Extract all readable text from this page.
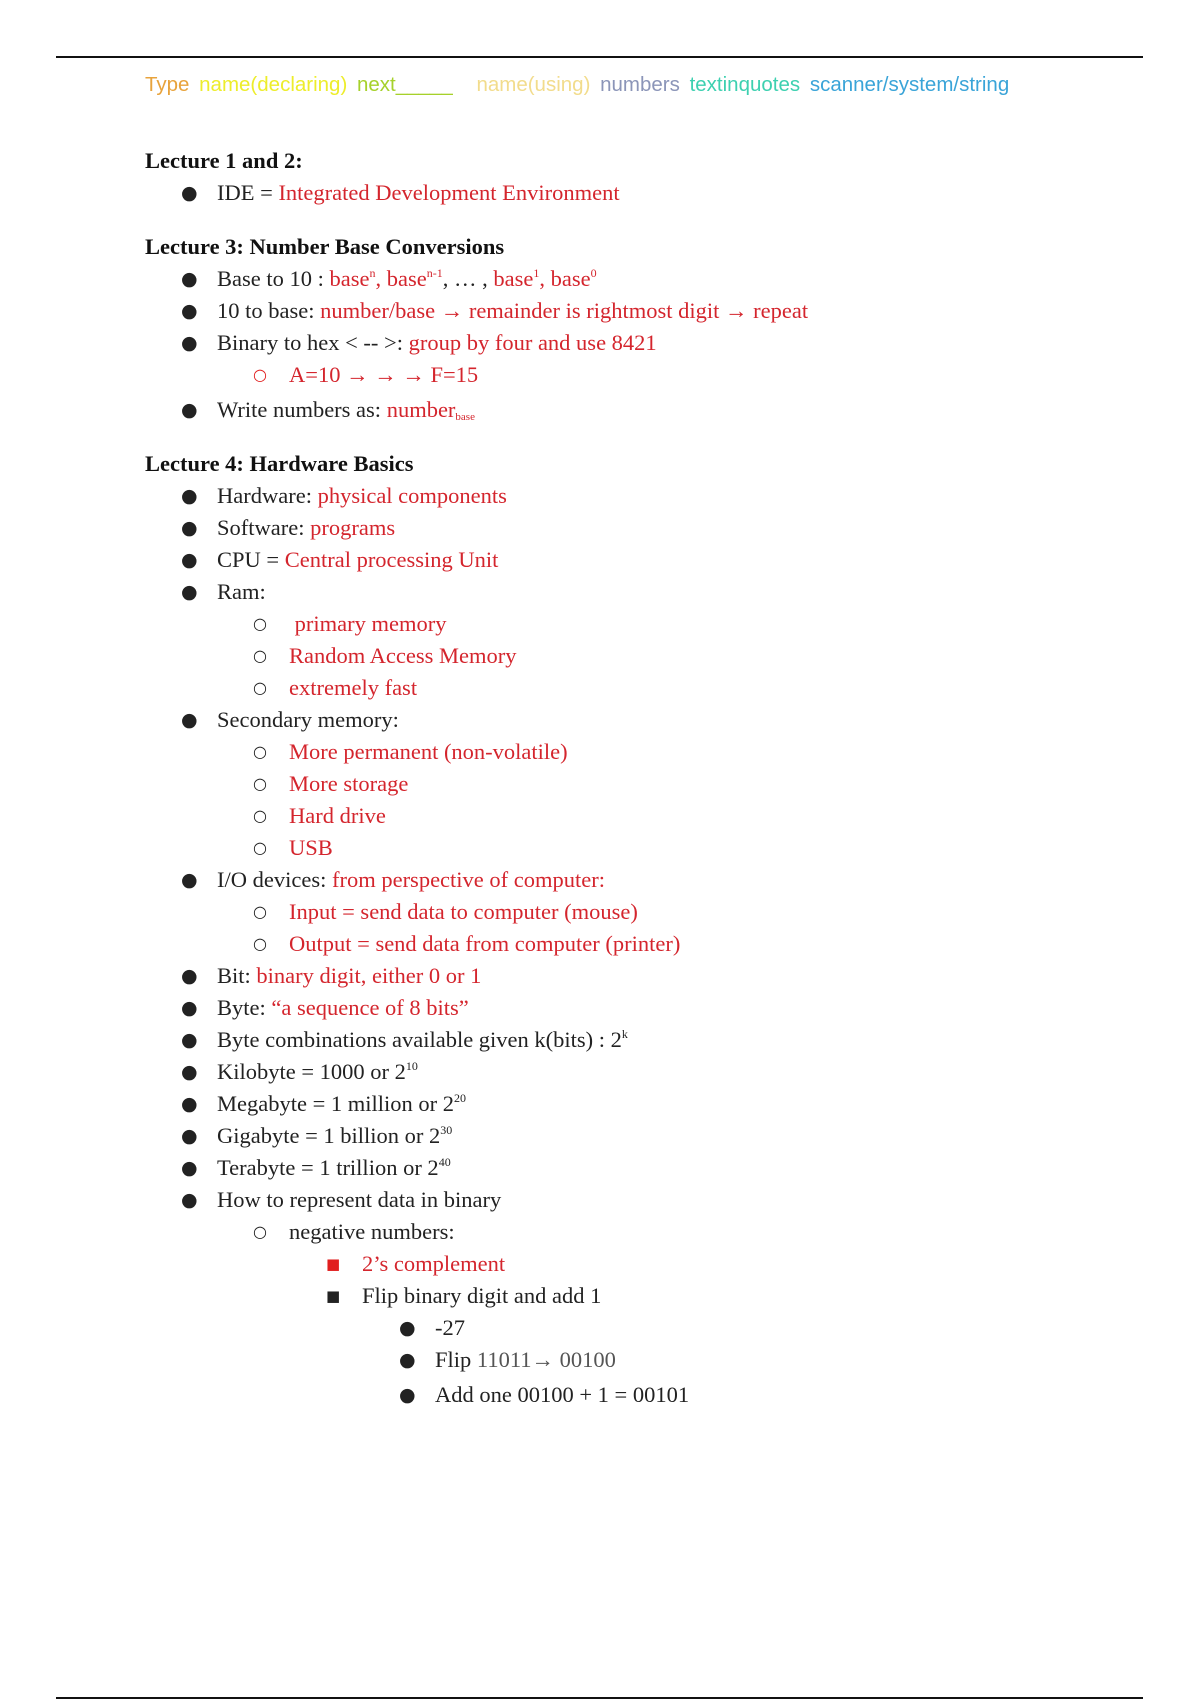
Type name(declaring) next_____ name(using) numbers textinquotes scanner/system/string
Lecture 1 and 2:
● IDE = Integrated Development Environment
Lecture 3: Number Base Conversions
● Base to 10 : base$^n$, base$^{n-1}$, … , base$^1$, base$^0$
● 10 to base: number/base → remainder is rightmost digit → repeat
● Binary to hex < -- >: group by four and use 8421
○ A=10 → → → F=15
● Write numbers as: number$_{base}$
Lecture 4: Hardware Basics
● Hardware: physical components
● Software: programs
● CPU = Central processing Unit
● Ram:
○ primary memory
○ Random Access Memory
○ extremely fast
● Secondary memory:
○ More permanent (non-volatile)
○ More storage
○ Hard drive
○ USB
● I/O devices: from perspective of computer:
○ Input = send data to computer (mouse)
○ Output = send data from computer (printer)
● Bit: binary digit, either 0 or 1
● Byte: “a sequence of 8 bits”
● Byte combinations available given k(bits) : 2$^k$
● Kilobyte = 1000 or $2^{10}$
● Megabyte = 1 million or $2^{20}$
● Gigabyte = 1 billion or $2^{30}$
● Terabyte = 1 trillion or $2^{40}$
● How to represent data in binary
○ negative numbers:
■ 2’s complement
■ Flip binary digit and add 1
● -27
● Flip 11011→ 00100
● Add one 00100 + 1 = 00101
